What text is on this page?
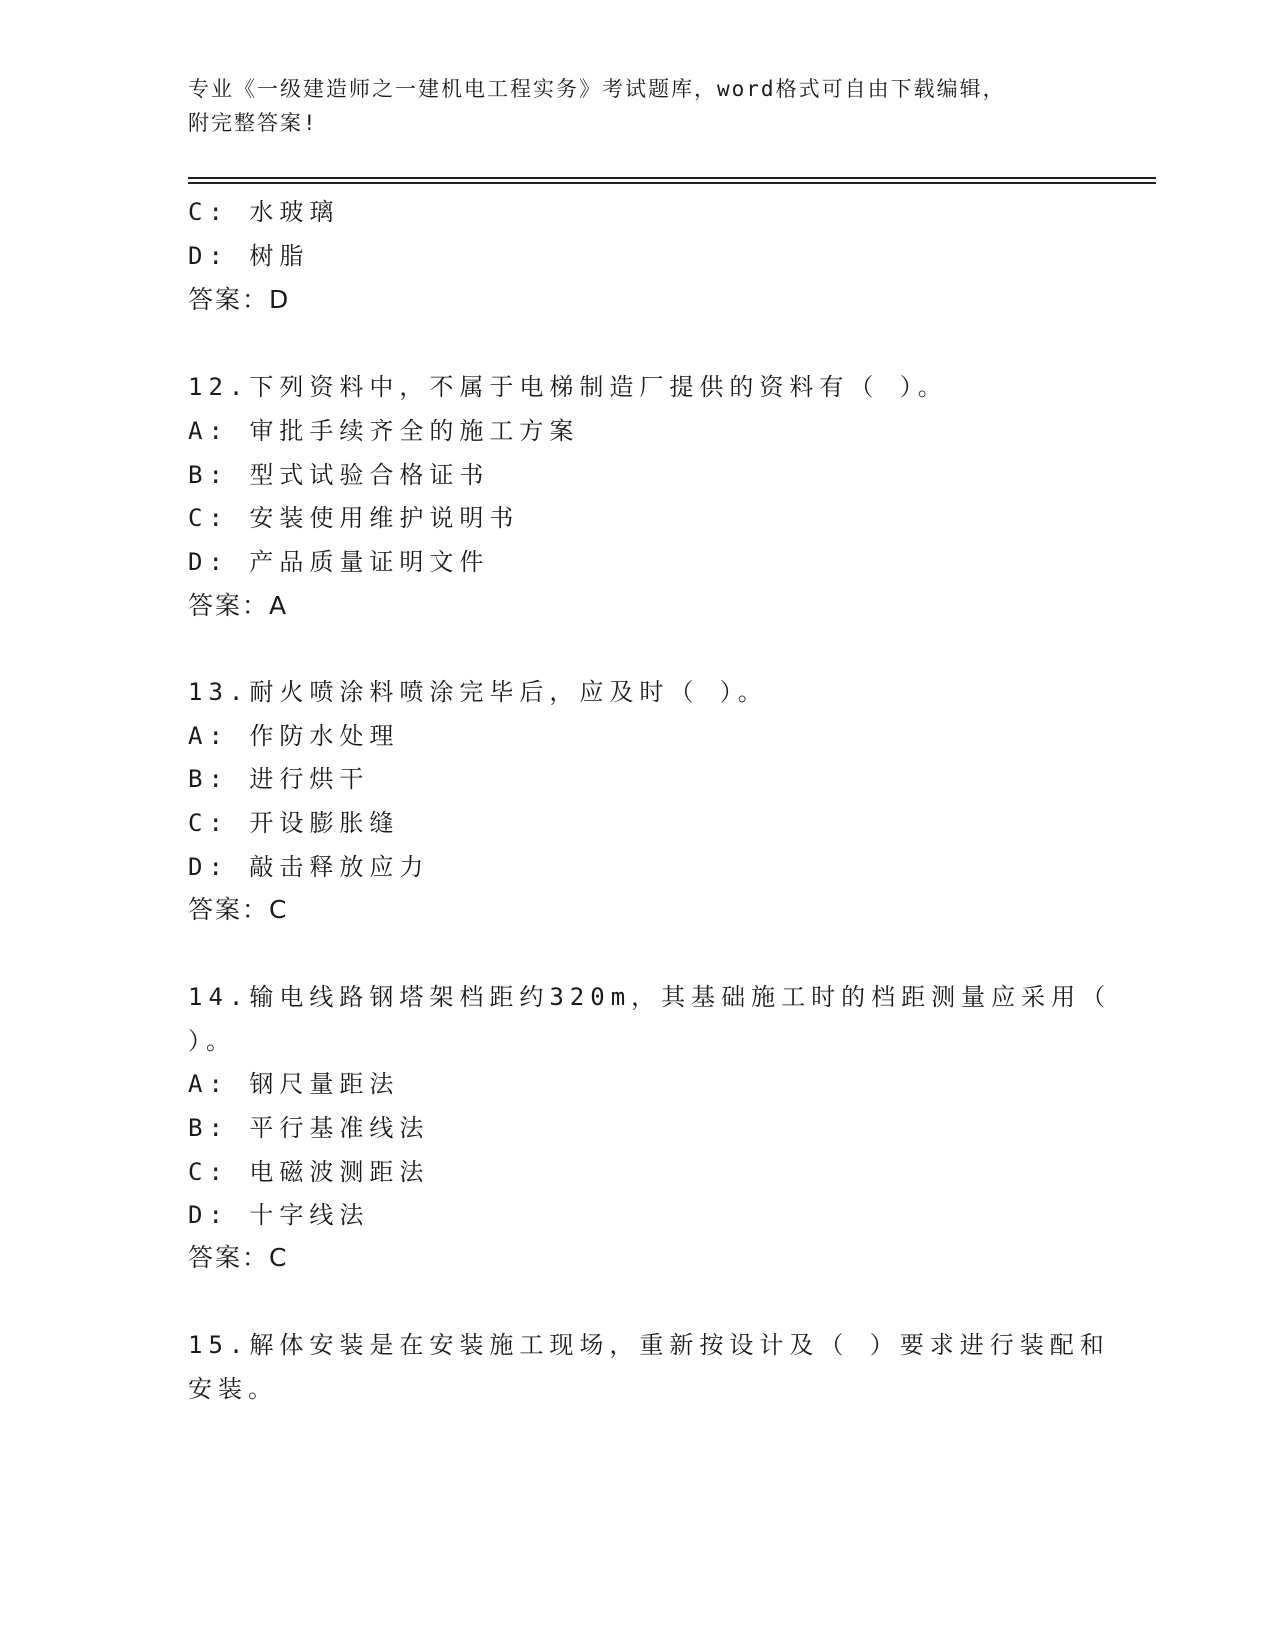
专业《一级建造师之一建机电工程实务》考试题库，word格式可自由下载编辑，
附完整答案!
C: 水玻璃
D: 树脂
答案：D
12.下列资料中，不属于电梯制造厂提供的资料有（ ）。
A: 审批手续齐全的施工方案
B: 型式试验合格证书
C: 安装使用维护说明书
D: 产品质量证明文件
答案：A
13.耐火喷涂料喷涂完毕后，应及时（ ）。
A: 作防水处理
B: 进行烘干
C: 开设膨胀缝
D: 敲击释放应力
答案：C
14.输电线路钢塔架档距约320m，其基础施工时的档距测量应采用（
）。
A: 钢尺量距法
B: 平行基准线法
C: 电磁波测距法
D: 十字线法
答案：C
15.解体安装是在安装施工现场，重新按设计及（ ）要求进行装配和
安装。
